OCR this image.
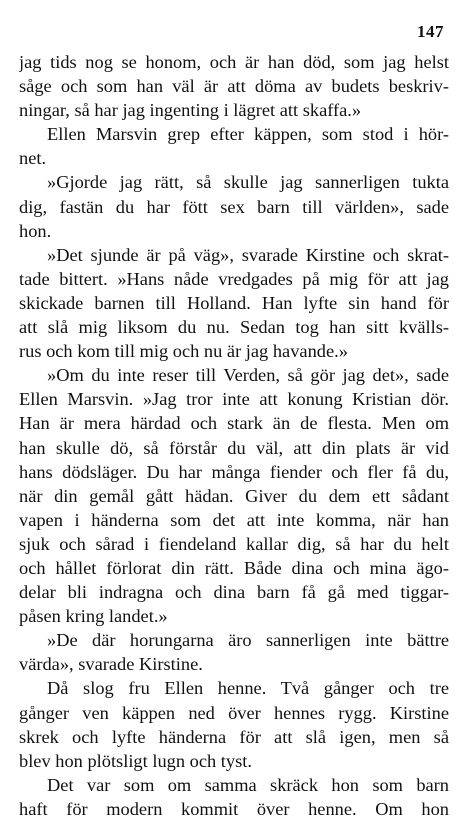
147
jag tids nog se honom, och är han död, som jag helst
såge och som han väl är att döma av budets beskriv-
ningar, så har jag ingenting i lägret att skaffa.»
Ellen Marsvin grep efter käppen, som stod i hör-
net.
»Gjorde jag rätt, så skulle jag sannerligen tukta
dig, fastän du har fött sex barn till världen», sade
hon.
»Det sjunde är på väg», svarade Kirstine och skrat-
tade bittert. »Hans nåde vredgades på mig för att jag
skickade barnen till Holland. Han lyfte sin hand för
att slå mig liksom du nu. Sedan tog han sitt kvälls-
rus och kom till mig och nu är jag havande.»
»Om du inte reser till Verden, så gör jag det», sade
Ellen Marsvin. »Jag tror inte att konung Kristian dör.
Han är mera härdad och stark än de flesta. Men om
han skulle dö, så förstår du väl, att din plats är vid
hans dödsläger. Du har många fiender och fler få du,
när din gemål gått hädan. Giver du dem ett sådant
vapen i händerna som det att inte komma, när han
sjuk och sårad i fiendeland kallar dig, så har du helt
och hållet förlorat din rätt. Både dina och mina ägo-
delar bli indragna och dina barn få gå med tiggar-
påsen kring landet.»
»De där horungarna äro sannerligen inte bättre
värda», svarade Kirstine.
Då slog fru Ellen henne. Två gånger och tre
gånger ven käppen ned över hennes rygg. Kirstine
skrek och lyfte händerna för att slå igen, men så
blev hon plötsligt lugn och tyst.
Det var som om samma skräck hon som barn
haft för modern kommit över henne. Om hon
